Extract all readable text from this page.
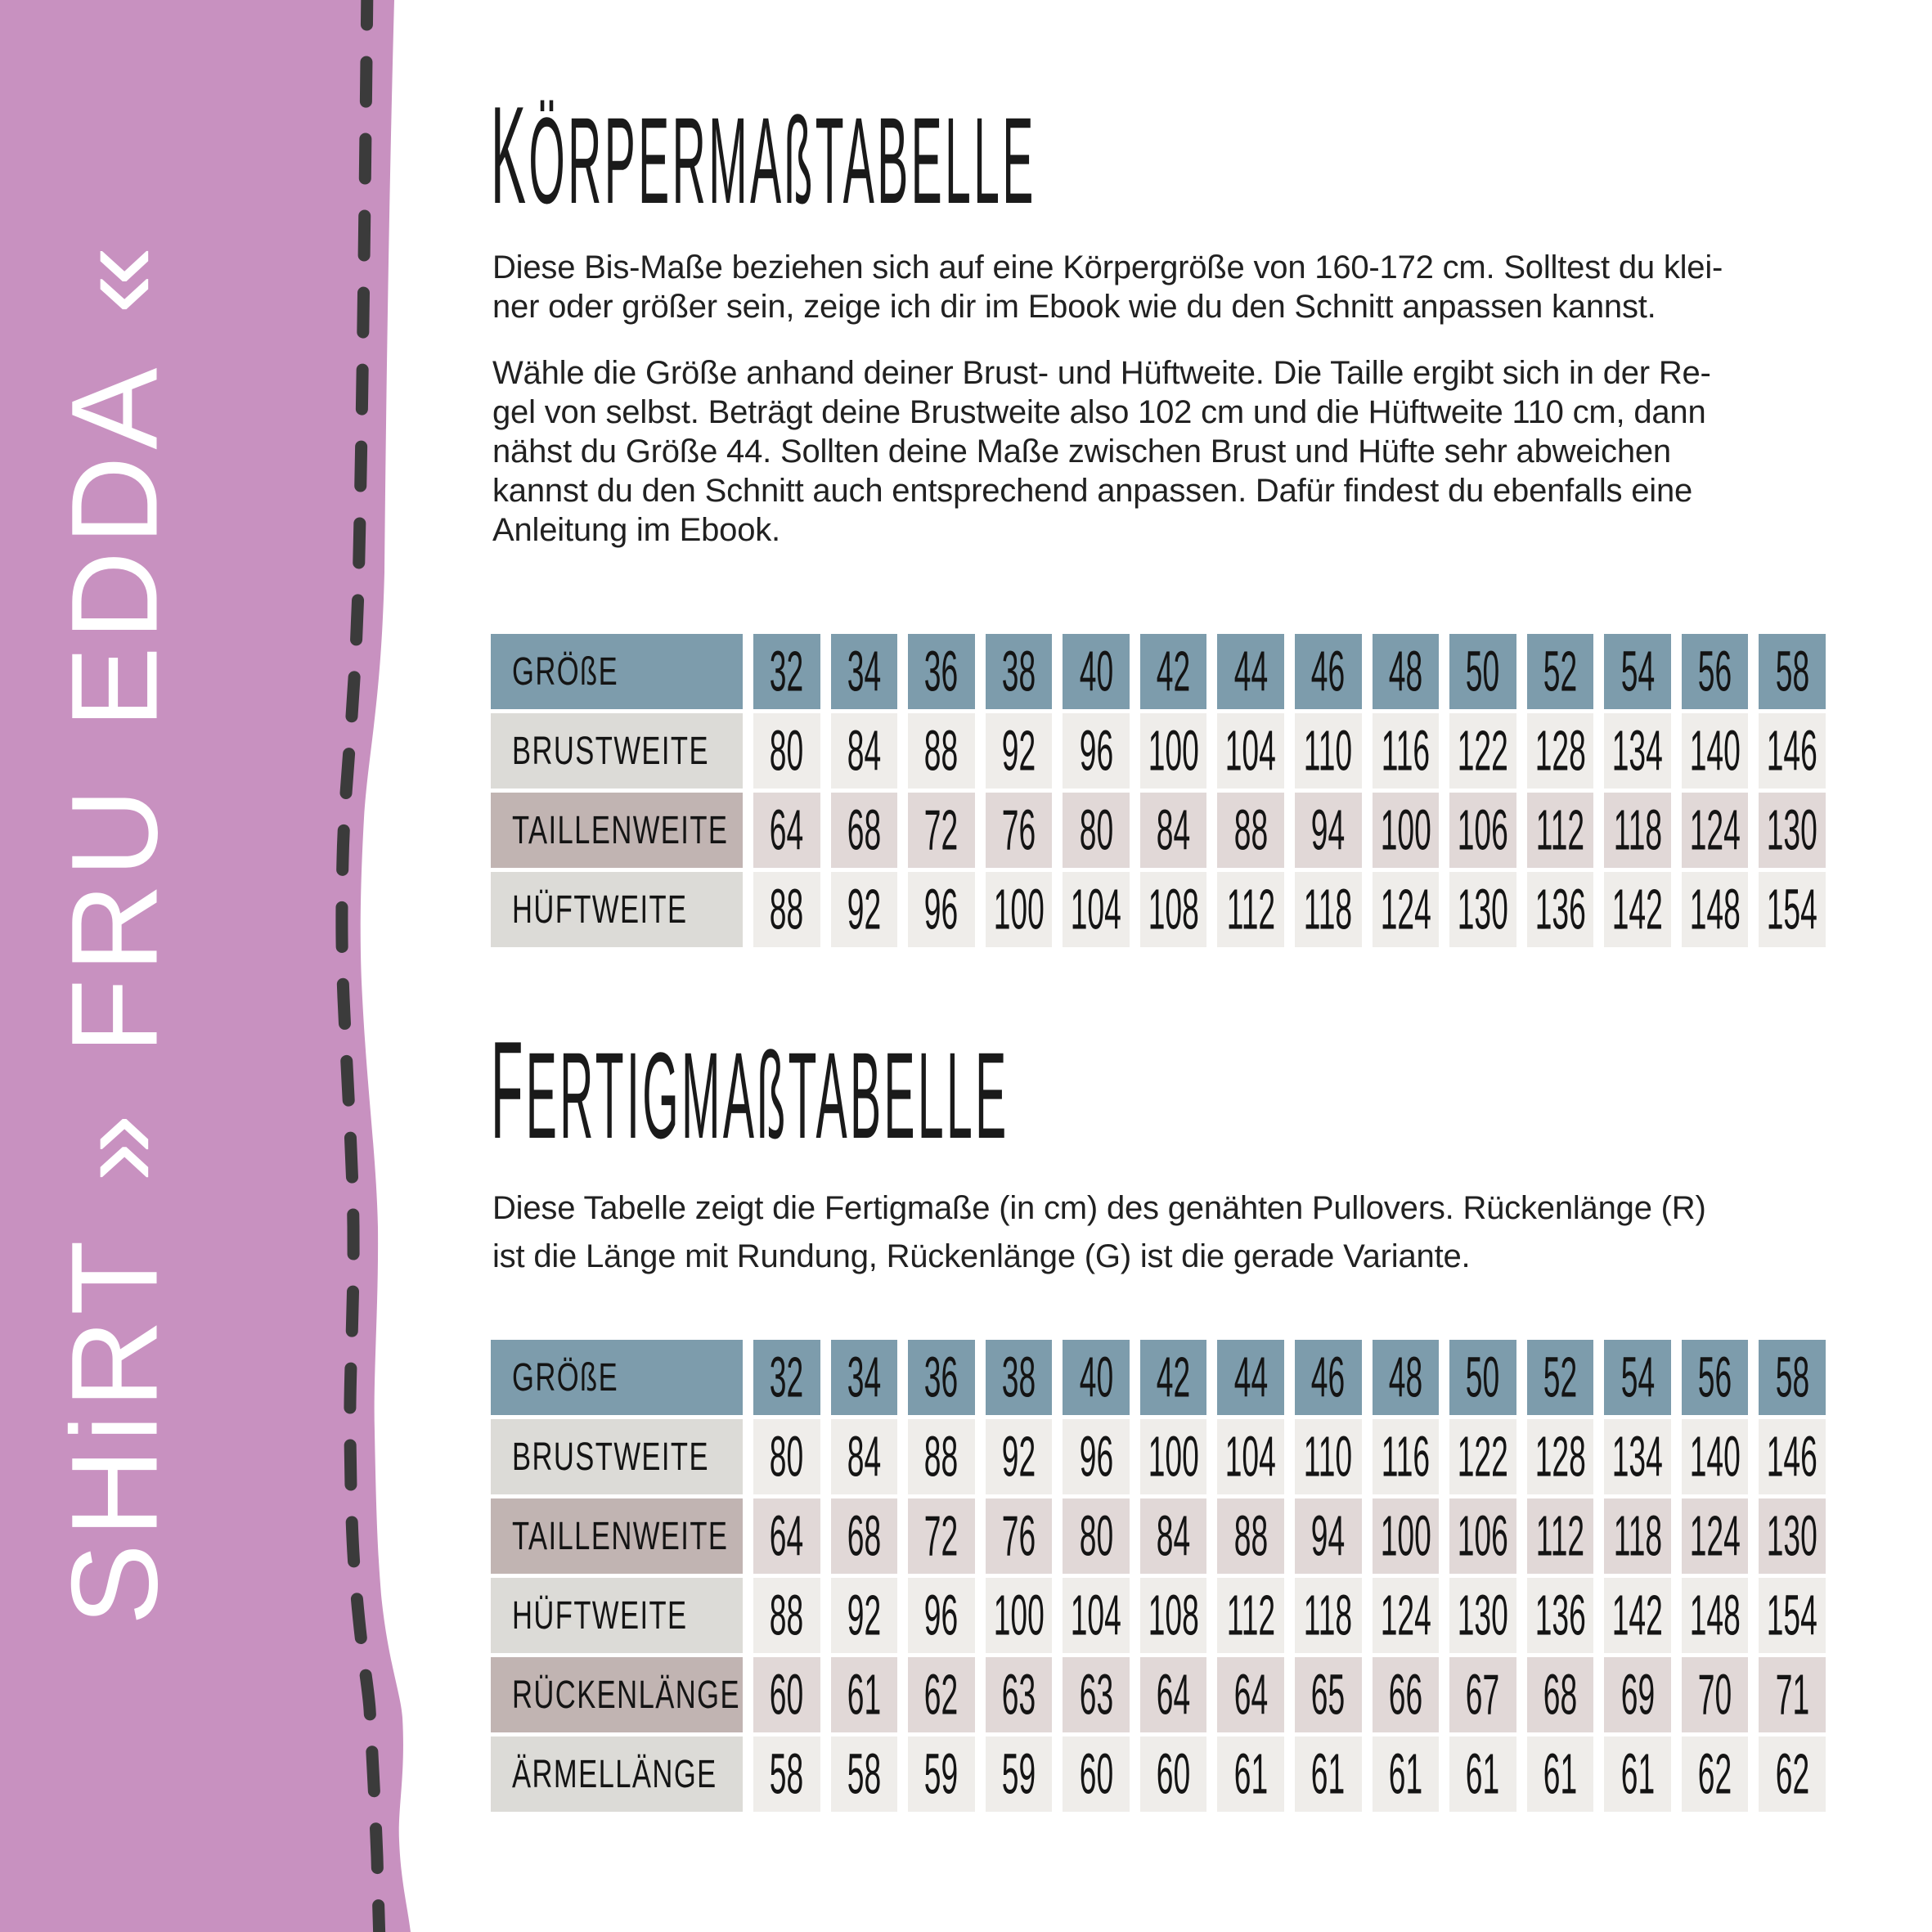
SHiRT » FRU EDDA «
KÖRPERMAßTABELLE
Diese Bis-Maße beziehen sich auf eine Körpergröße von 160-172 cm. Solltest du klei-
ner oder größer sein, zeige ich dir im Ebook wie du den Schnitt anpassen kannst.
Wähle die Größe anhand deiner Brust- und Hüftweite. Die Taille ergibt sich in der Re-
gel von selbst. Beträgt deine Brustweite also 102 cm und die Hüftweite 110 cm, dann
nähst du Größe 44. Sollten deine Maße zwischen Brust und Hüfte sehr abweichen
kannst du den Schnitt auch entsprechend anpassen. Dafür findest du ebenfalls eine
Anleitung im Ebook.
GRÖßE	32 34 36 38 40 42 44 46 48 50 52 54 56 58
BRUSTWEITE 80 84 88 92 96 100 104 110 116 122 128 134 140 146
TAILLENWEITE 64 68 72 76 80 84 88 94 100 106 112 118 124 130
HÜFTWEITE 88 92 96 100 104 108 112 118 124 130 136 142 148 154
FERTIGMAßTABELLE
Diese Tabelle zeigt die Fertigmaße (in cm) des genähten Pullovers. Rückenlänge (R)
ist die Länge mit Rundung, Rückenlänge (G) ist die gerade Variante.
GRÖßE	32 34 36 38 40 42 44 46 48 50 52 54 56 58
BRUSTWEITE 80 84 88 92 96 100 104 110 116 122 128 134 140 146
TAILLENWEITE 64 68 72 76 80 84 88 94 100 106 112 118 124 130
HÜFTWEITE 88 92 96 100 104 108 112 118 124 130 136 142 148 154
RÜCKENLÄNGE 60 61 62 63 63 64 64 65 66 67 68 69 70 71
ÄRMELLÄNGE 58 58 59 59 60 60 61 61 61 61 61 61 62 62
